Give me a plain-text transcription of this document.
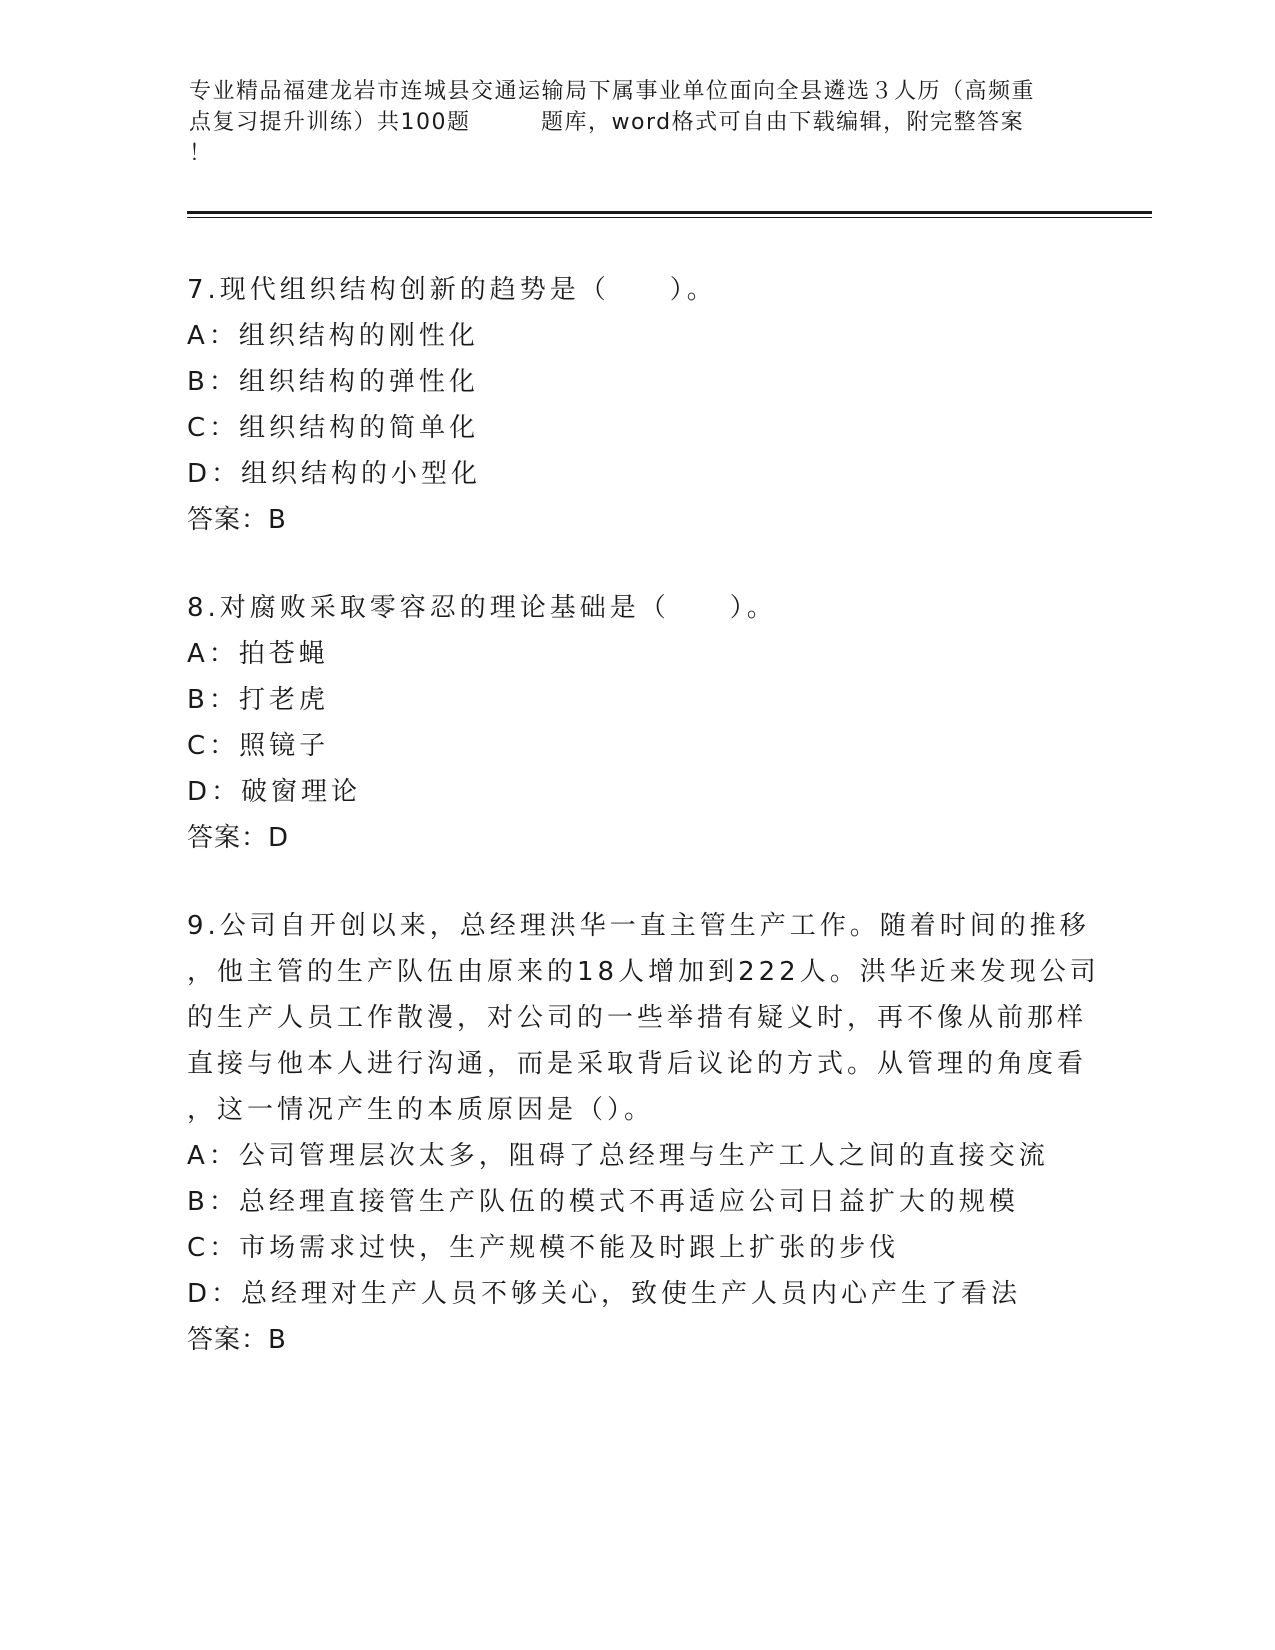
专业精品福建龙岩市连城县交通运输局下属事业单位面向全县遴选３人历（高频重
点复习提升训练）共100题　　　题库，word格式可自由下载编辑，附完整答案
！
7.现代组织结构创新的趋势是（　　）。
A：组织结构的刚性化
B：组织结构的弹性化
C：组织结构的简单化
D：组织结构的小型化
答案：B
8.对腐败采取零容忍的理论基础是（　　）。
A：拍苍蝇
B：打老虎
C：照镜子
D：破窗理论
答案：D
9.公司自开创以来，总经理洪华一直主管生产工作。随着时间的推移
，他主管的生产队伍由原来的18人增加到222人。洪华近来发现公司
的生产人员工作散漫，对公司的一些举措有疑义时，再不像从前那样
直接与他本人进行沟通，而是采取背后议论的方式。从管理的角度看
，这一情况产生的本质原因是（）。
A：公司管理层次太多，阻碍了总经理与生产工人之间的直接交流
B：总经理直接管生产队伍的模式不再适应公司日益扩大的规模
C：市场需求过快，生产规模不能及时跟上扩张的步伐
D：总经理对生产人员不够关心，致使生产人员内心产生了看法
答案：B
